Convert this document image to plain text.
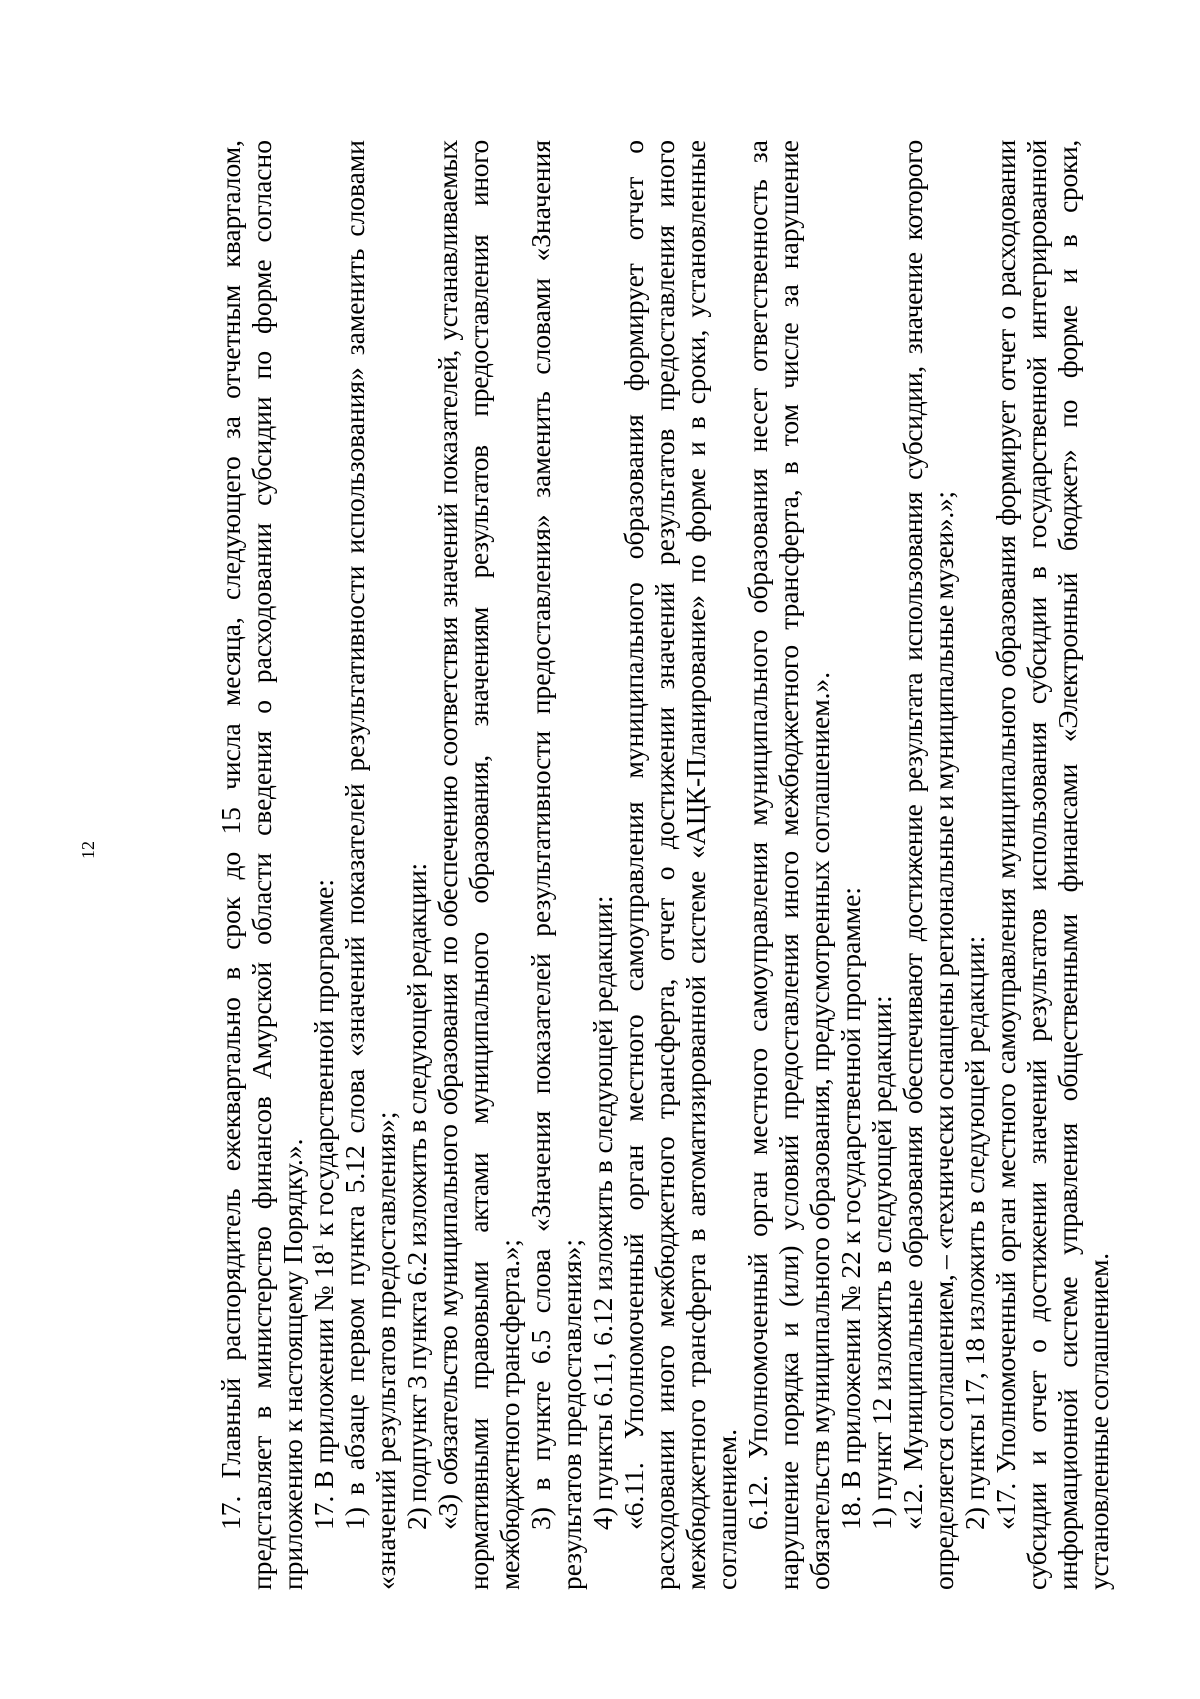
12	17. Главный распорядитель ежеквартально в срок до 15 числа месяца, следующего за отчетным кварталом, представляет в министерство финансов Амурской области сведения о расходовании субсидии по форме согласно приложению к настоящему Порядку.». 17. В приложении № $18^1$ к государственной программе: 1) в абзаце первом пункта 5.12 слова «значений показателей результативности использования» заменить словами «значений результатов предоставления»; 2) подпункт 3 пункта 6.2 изложить в следующей редакции: «3) обязательство муниципального образования по обеспечению соответствия значений показателей, устанавливаемых нормативными правовыми актами муниципального образования, значениям результатов предоставления иного межбюджетного трансферта.»; 3) в пункте 6.5 слова «Значения показателей результативности предоставления» заменить словами «Значения результатов предоставления»; 4) пункты 6.11, 6.12 изложить в следующей редакции: «6.11. Уполномоченный орган местного самоуправления муниципального образования формирует отчет о расходовании иного межбюджетного трансферта, отчет о достижении значений результатов предоставления иного межбюджетного трансферта в автоматизированной системе «АЦК-Планирование» по форме и в сроки, установленные соглашением. 6.12. Уполномоченный орган местного самоуправления муниципального образования несет ответственность за нарушение порядка и (или) условий предоставления иного межбюджетного трансферта, в том числе за нарушение обязательств муниципального образования, предусмотренных соглашением.». 18. В приложении № 22 к государственной программе: 1) пункт 12 изложить в следующей редакции: «12. Муниципальные образования обеспечивают достижение результата использования субсидии, значение которого определяется соглашением, – «технически оснащены региональные и муниципальные музеи».»; 2) пункты 17, 18 изложить в следующей редакции: «17. Уполномоченный орган местного самоуправления муниципального образования формирует отчет о расходовании субсидии и отчет о достижении значений результатов использования субсидии в государственной интегрированной информационной системе управления общественными финансами «Электронный бюджет» по форме и в сроки, установленные соглашением.
